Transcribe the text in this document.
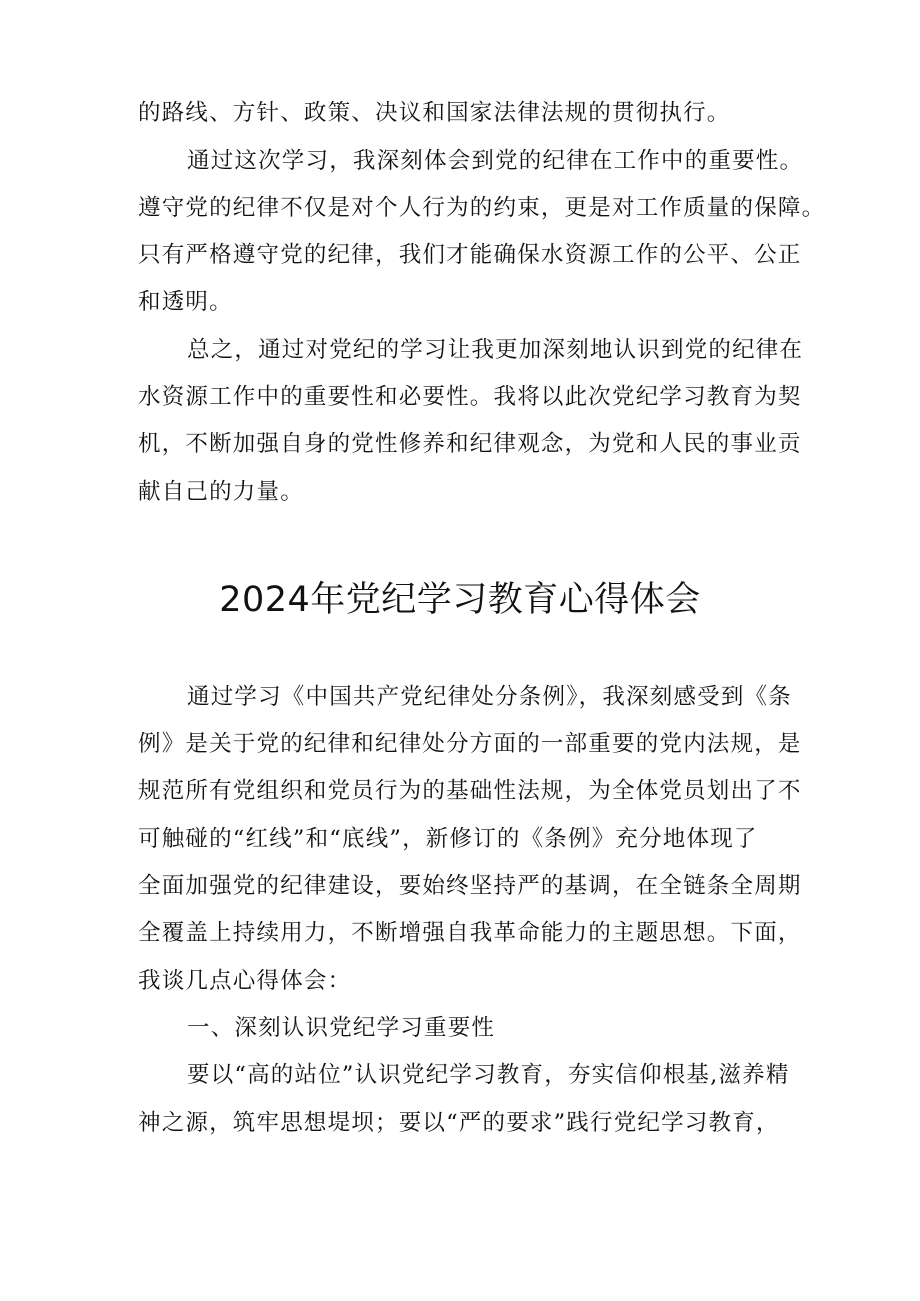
的路线、方针、政策、决议和国家法律法规的贯彻执行。

通过这次学习，我深刻体会到党的纪律在工作中的重要性。

遵守党的纪律不仅是对个人行为的约束，更是对工作质量的保障。

只有严格遵守党的纪律，我们才能确保水资源工作的公平、公正

和透明。

总之，通过对党纪的学习让我更加深刻地认识到党的纪律在

水资源工作中的重要性和必要性。我将以此次党纪学习教育为契

机，不断加强自身的党性修养和纪律观念，为党和人民的事业贡

献自己的力量。

2024年党纪学习教育心得体会

通过学习《中国共产党纪律处分条例》，我深刻感受到《条

例》是关于党的纪律和纪律处分方面的一部重要的党内法规，是

规范所有党组织和党员行为的基础性法规，为全体党员划出了不

可触碰的“红线”和“底线”，新修订的《条例》充分地体现了

全面加强党的纪律建设，要始终坚持严的基调，在全链条全周期

全覆盖上持续用力，不断增强自我革命能力的主题思想。下面，

我谈几点心得体会：

一、深刻认识党纪学习重要性

要以“高的站位”认识党纪学习教育，夯实信仰根基,滋养精

神之源，筑牢思想堤坝；要以“严的要求”践行党纪学习教育，
